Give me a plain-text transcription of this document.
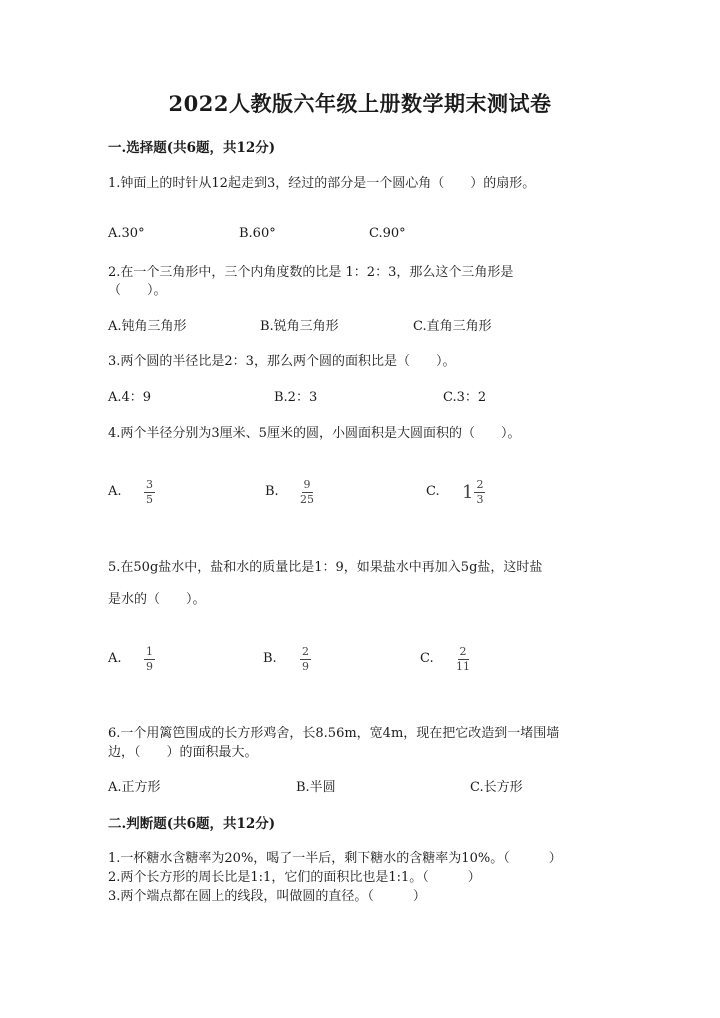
2022人教版六年级上册数学期末测试卷
一.选择题(共6题，共12分)
1.钟面上的时针从12起走到3，经过的部分是一个圆心角（　　）的扇形。
A.30°	B.60°	C.90°
2.在一个三角形中，三个内角度数的比是 1：2：3，那么这个三角形是
（　　）。
A.钝角三角形	B.锐角三角形	C.直角三角形
3.两个圆的半径比是2：3，那么两个圆的面积比是（　　）。
A.4：9	B.2：3	C.3：2
4.两个半径分别为3厘米、5厘米的圆，小圆面积是大圆面积的（　　）。
A. $\frac{3}{5}$	B. $\frac{9}{25}$	C. $1 \frac{2}{3}$
5.在50g盐水中，盐和水的质量比是1：9，如果盐水中再加入5g盐，这时盐
是水的（　　）。
A. $\frac{1}{9}$	B. $\frac{2}{9}$	C. $\frac{2}{11}$
6.一个用篱笆围成的长方形鸡舍，长8.56m，宽4m，现在把它改造到一堵围墙
边，（　　）的面积最大。
A.正方形	B.半圆	C.长方形
二.判断题(共6题，共12分)
1.一杯糖水含糖率为20%，喝了一半后，剩下糖水的含糖率为10%。（　　　）
2.两个长方形的周长比是1:1，它们的面积比也是1:1。（　　　）
3.两个端点都在圆上的线段，叫做圆的直径。（　　　）
